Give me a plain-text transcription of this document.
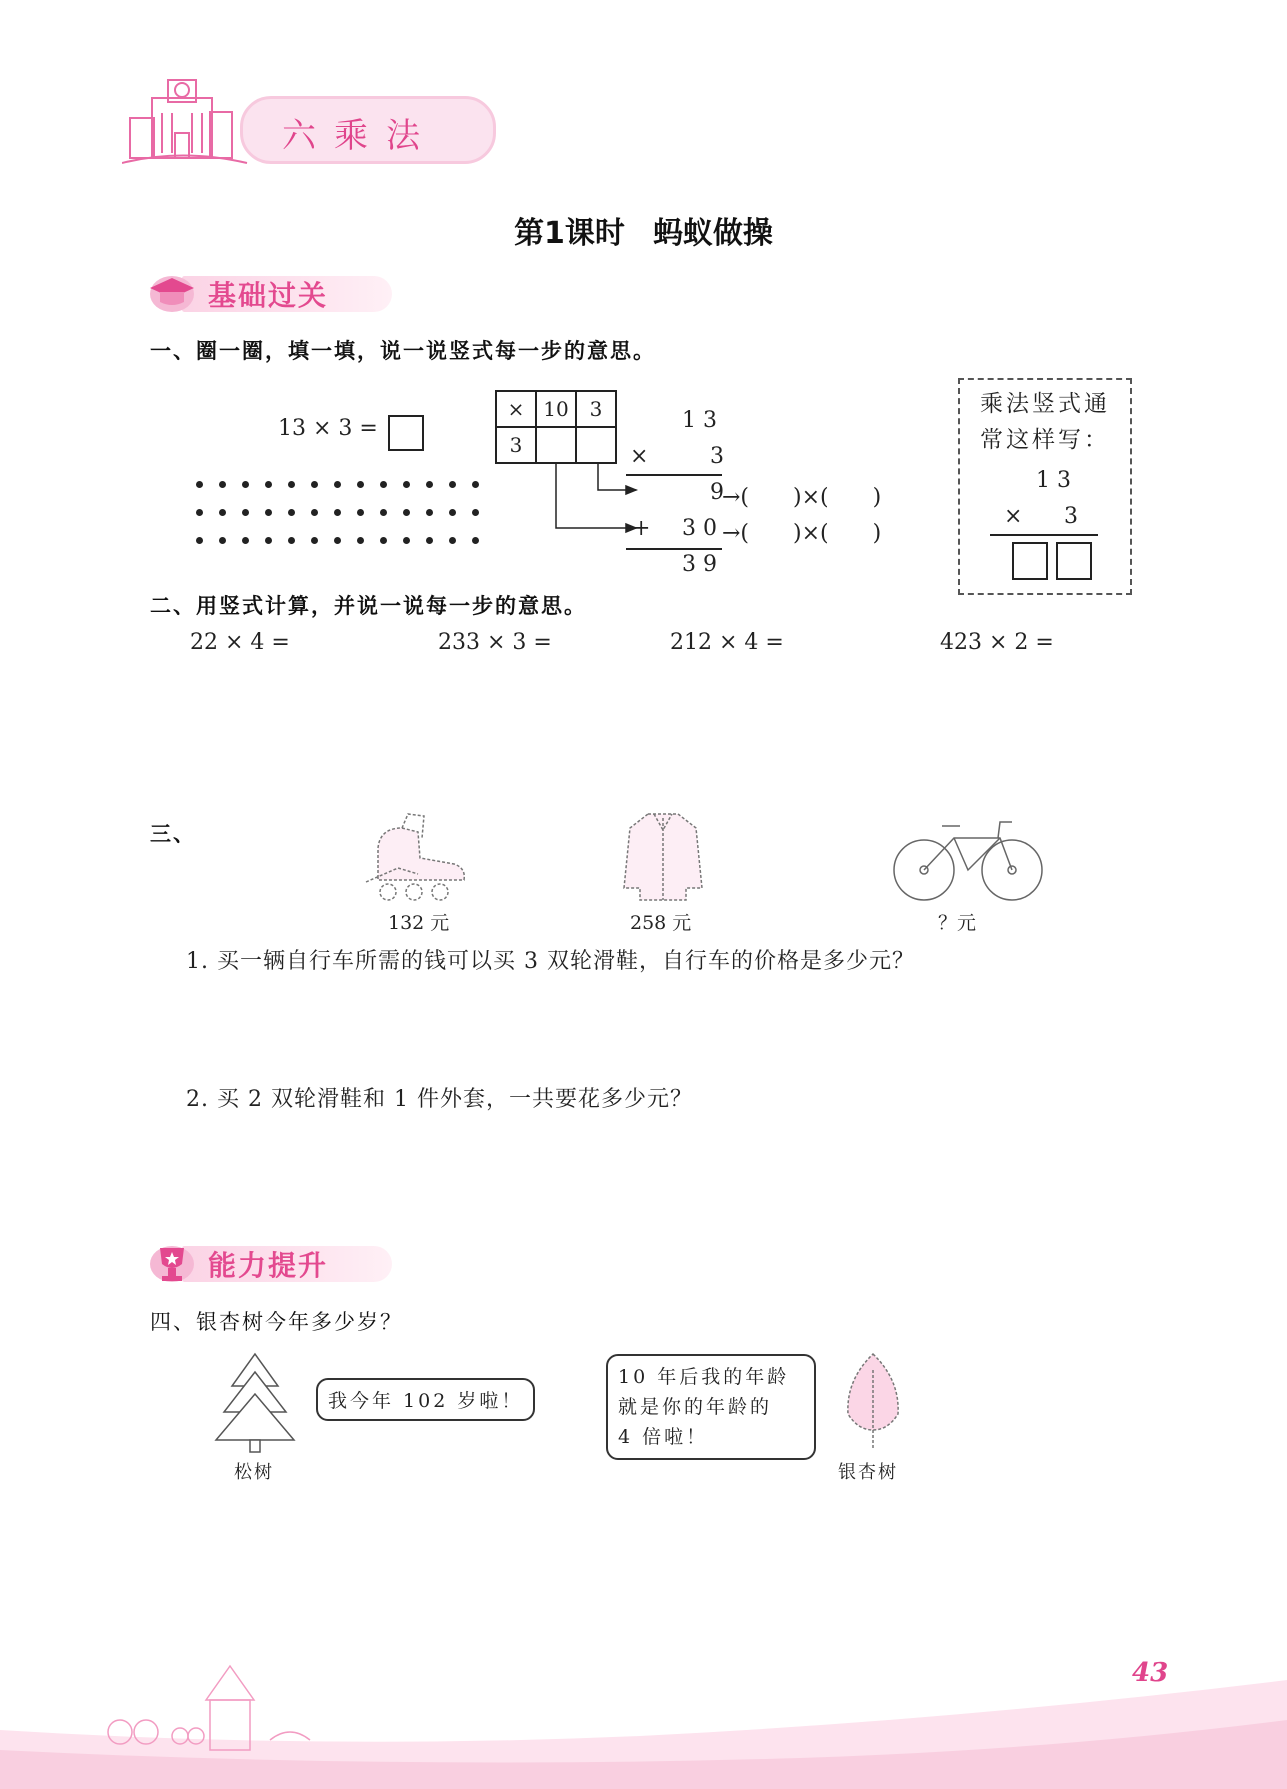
六乘法
第1课时 蚂蚁做操
基础过关
一、圈一圈，填一填，说一说竖式每一步的意思。
13 × 3 =
×	10	3
3		
1 3
×	3
9
+ 3 0
3 9
→(　　)×(　　)
→(　　)×(　　)
乘法竖式通常这样写：
1 3
× 3
二、用竖式计算，并说一说每一步的意思。
22 × 4 =	233 × 3 =	212 × 4 =	423 × 2 =
三、
132 元	258 元	？元
1. 买一辆自行车所需的钱可以买 3 双轮滑鞋，自行车的价格是多少元？
2. 买 2 双轮滑鞋和 1 件外套，一共要花多少元？
能力提升
四、银杏树今年多少岁？
我今年 102 岁啦！
松树
10 年后我的年龄
就是你的年龄的
4 倍啦！
银杏树
43
